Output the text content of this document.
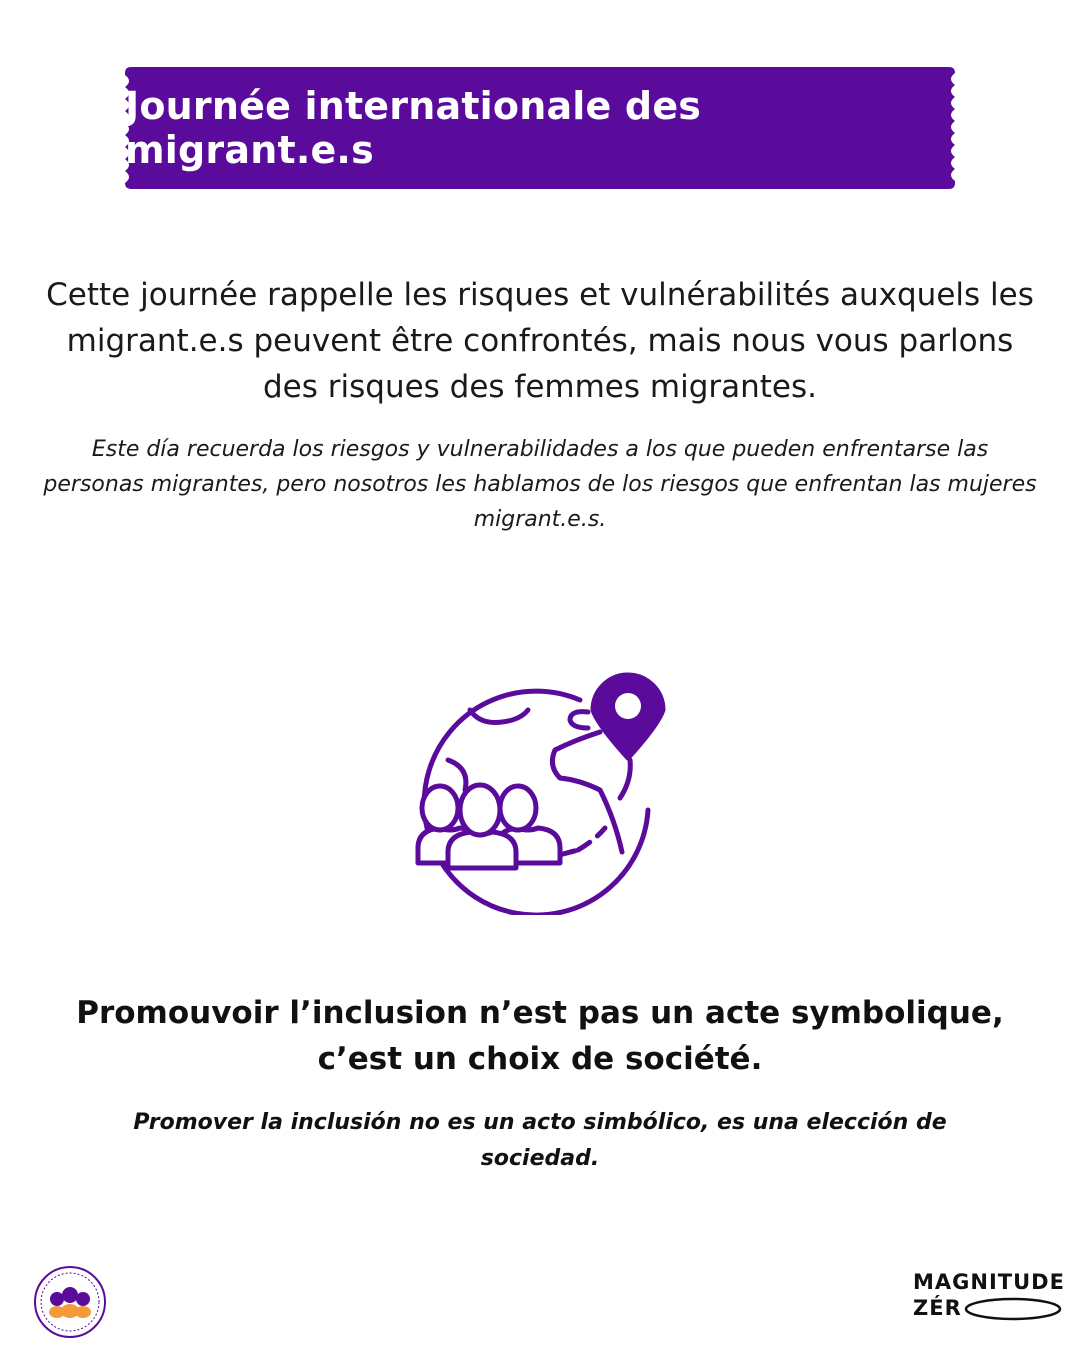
Journée internationale des migrant.e.s
Cette journée rappelle les risques et vulnérabilités auxquels les migrant.e.s peuvent être confrontés, mais nous vous parlons des risques des femmes migrantes.
Este día recuerda los riesgos y vulnerabilidades a los que pueden enfrentarse las personas migrantes, pero nosotros les hablamos de los riesgos que enfrentan las mujeres migrant.e.s.
Promouvoir l’inclusion n’est pas un acte symbolique, c’est un choix de société.
Promover la inclusión no es un acto simbólico, es una elección de sociedad.
MAGNITUDE
ZÉR
